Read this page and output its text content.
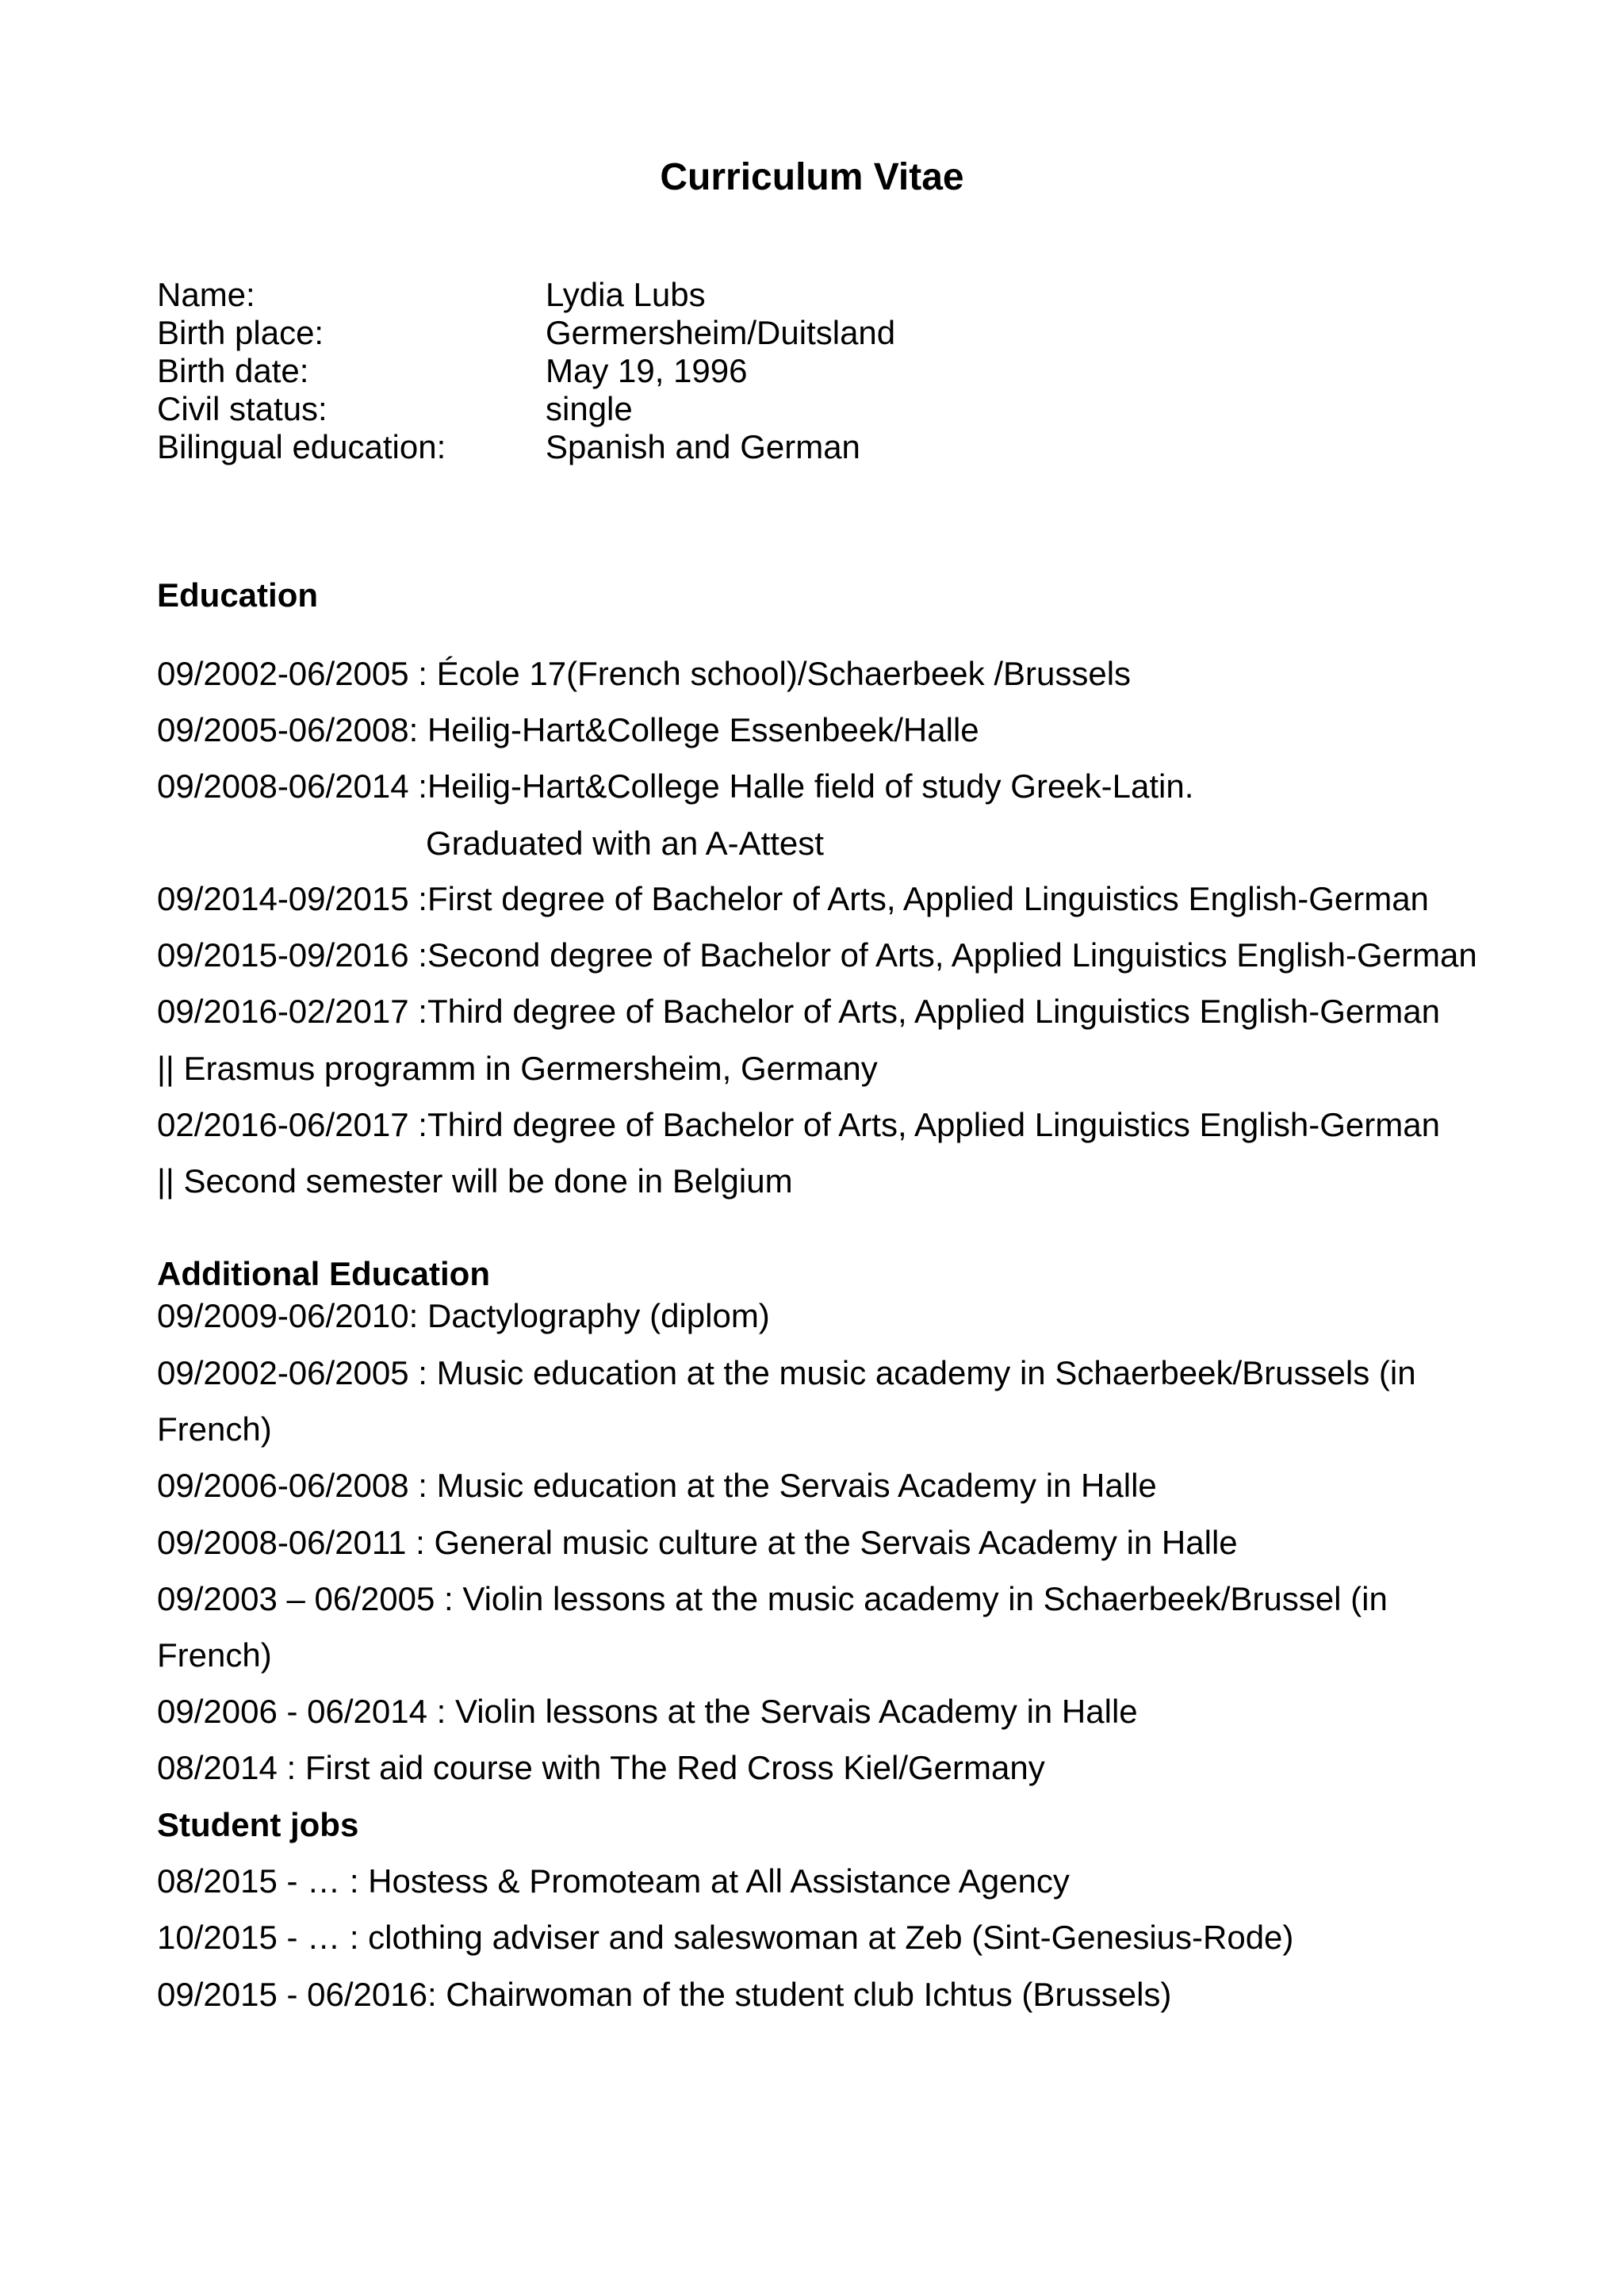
Curriculum Vitae
Name:	Lydia Lubs
Birth place:	Germersheim/Duitsland
Birth date:	May 19, 1996
Civil status:	single
Bilingual education:	Spanish and German
Education
09/2002-06/2005 : École 17(French school)/Schaerbeek /Brussels
09/2005-06/2008: Heilig-Hart&College Essenbeek/Halle
09/2008-06/2014 :Heilig-Hart&College Halle field of study Greek-Latin.
Graduated with an A-Attest
09/2014-09/2015 :First degree of Bachelor of Arts, Applied Linguistics English-German
09/2015-09/2016 :Second degree of Bachelor of Arts, Applied Linguistics English-German
09/2016-02/2017 :Third degree of Bachelor of Arts, Applied Linguistics English-German
|| Erasmus programm in Germersheim, Germany
02/2016-06/2017 :Third degree of Bachelor of Arts, Applied Linguistics English-German
|| Second semester will be done in Belgium
Additional Education
09/2009-06/2010: Dactylography (diplom)
09/2002-06/2005 : Music education at the music academy in Schaerbeek/Brussels (in
French)
09/2006-06/2008 : Music education at the Servais Academy in Halle
09/2008-06/2011 : General music culture at the Servais Academy in Halle
09/2003 – 06/2005 : Violin lessons at the music academy in Schaerbeek/Brussel (in
French)
09/2006 - 06/2014 : Violin lessons at the Servais Academy in Halle
08/2014 : First aid course with The Red Cross Kiel/Germany
Student jobs
08/2015 - … : Hostess & Promoteam at All Assistance Agency
10/2015 - … : clothing adviser and saleswoman at Zeb (Sint-Genesius-Rode)
09/2015 - 06/2016: Chairwoman of the student club Ichtus (Brussels)
